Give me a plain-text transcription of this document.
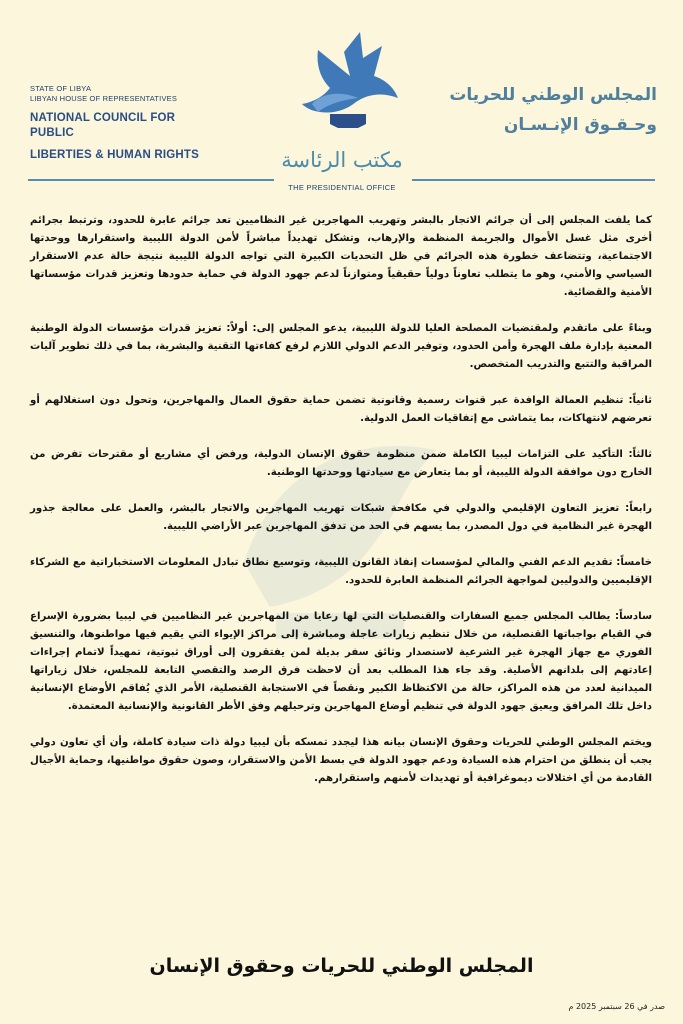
STATE OF LIBYA
LIBYAN HOUSE OF REPRESENTATIVES
NATIONAL COUNCIL FOR PUBLIC
LIBERTIES & HUMAN RIGHTS
المجلس الوطني للحريات
وحـقـوق الإنـسـان
مكتب الرئاسة
THE PRESIDENTIAL OFFICE

كما يلفت المجلس إلى أن جرائم الاتجار بالبشر وتهريب المهاجرين غير النظاميين تعد جرائم عابرة للحدود، وترتبط بجرائم أخرى مثل غسل الأموال والجريمة المنظمة والإرهاب، وتشكل تهديداً مباشراً لأمن الدولة الليبية واستقرارها ووحدتها الاجتماعية، وتتضاعف خطورة هذه الجرائم في ظل التحديات الكبيرة التي تواجه الدولة الليبية نتيجة حالة عدم الاستقرار السياسي والأمني، وهو ما يتطلب تعاوناً دولياً حقيقياً ومتوازناً لدعم جهود الدولة في حماية حدودها وتعزيز قدرات مؤسساتها الأمنية والقضائية.

وبناءً على ماتقدم ولمقتضيات المصلحة العليا للدولة الليبية، يدعو المجلس إلى: أولاً: تعزيز قدرات مؤسسات الدولة الوطنية المعنية بإدارة ملف الهجرة وأمن الحدود، وتوفير الدعم الدولي اللازم لرفع كفاءتها التقنية والبشرية، بما في ذلك تطوير آليات المراقبة والتتبع والتدريب المتخصص.

ثانياً: تنظيم العمالة الوافدة عبر قنوات رسمية وقانونية تضمن حماية حقوق العمال والمهاجرين، وتحول دون استغلالهم أو تعرضهم لانتهاكات، بما يتماشى مع إتفاقيات العمل الدولية.

ثالثاً: التأكيد على التزامات ليبيا الكاملة ضمن منظومة حقوق الإنسان الدولية، ورفض أي مشاريع أو مقترحات تفرض من الخارج دون موافقة الدولة الليبية، أو بما يتعارض مع سيادتها ووحدتها الوطنية.

رابعاً: تعزيز التعاون الإقليمي والدولي في مكافحة شبكات تهريب المهاجرين والاتجار بالبشر، والعمل على معالجة جذور الهجرة غير النظامية في دول المصدر، بما يسهم في الحد من تدفق المهاجرين عبر الأراضي الليبية.

خامساً: تقديم الدعم الفني والمالي لمؤسسات إنفاذ القانون الليبية، وتوسيع نطاق تبادل المعلومات الاستخباراتية مع الشركاء الإقليميين والدوليين لمواجهة الجرائم المنظمة العابرة للحدود.

سادساً: يطالب المجلس جميع السفارات والقنصليات التي لها رعايا من المهاجرين غير النظاميين في ليبيا بضرورة الإسراع في القيام بواجباتها القنصلية، من خلال تنظيم زيارات عاجلة ومباشرة إلى مراكز الإيواء التي يقيم فيها مواطنوها، والتنسيق الفوري مع جهاز الهجرة غير الشرعية لاستصدار وثائق سفر بديلة لمن يفتقرون إلى أوراق ثبوتية، تمهيداً لاتمام إجراءات إعادتهم إلى بلدانهم الأصلية. وقد جاء هذا المطلب بعد أن لاحظت فرق الرصد والتقصي التابعة للمجلس، خلال زياراتها الميدانية لعدد من هذه المراكز، حالة من الاكتظاظ الكبير ونقصاً في الاستجابة القنصلية، الأمر الذي يُفاقم الأوضاع الإنسانية داخل تلك المرافق ويعيق جهود الدولة في تنظيم أوضاع المهاجرين وترحيلهم وفق الأطر القانونية والإنسانية المعتمدة.

ويختم المجلس الوطني للحريات وحقوق الإنسان بيانه هذا ليجدد تمسكه بأن ليبيا دولة ذات سيادة كاملة، وأن أي تعاون دولي يجب أن ينطلق من احترام هذه السيادة ودعم جهود الدولة في بسط الأمن والاستقرار، وصون حقوق مواطنيها، وحماية الأجيال القادمة من أي اختلالات ديموغرافية أو تهديدات لأمنهم واستقرارهم.

المجلس الوطني للحريات وحقوق الإنسان
صدر في 26 سبتمبر 2025 م
